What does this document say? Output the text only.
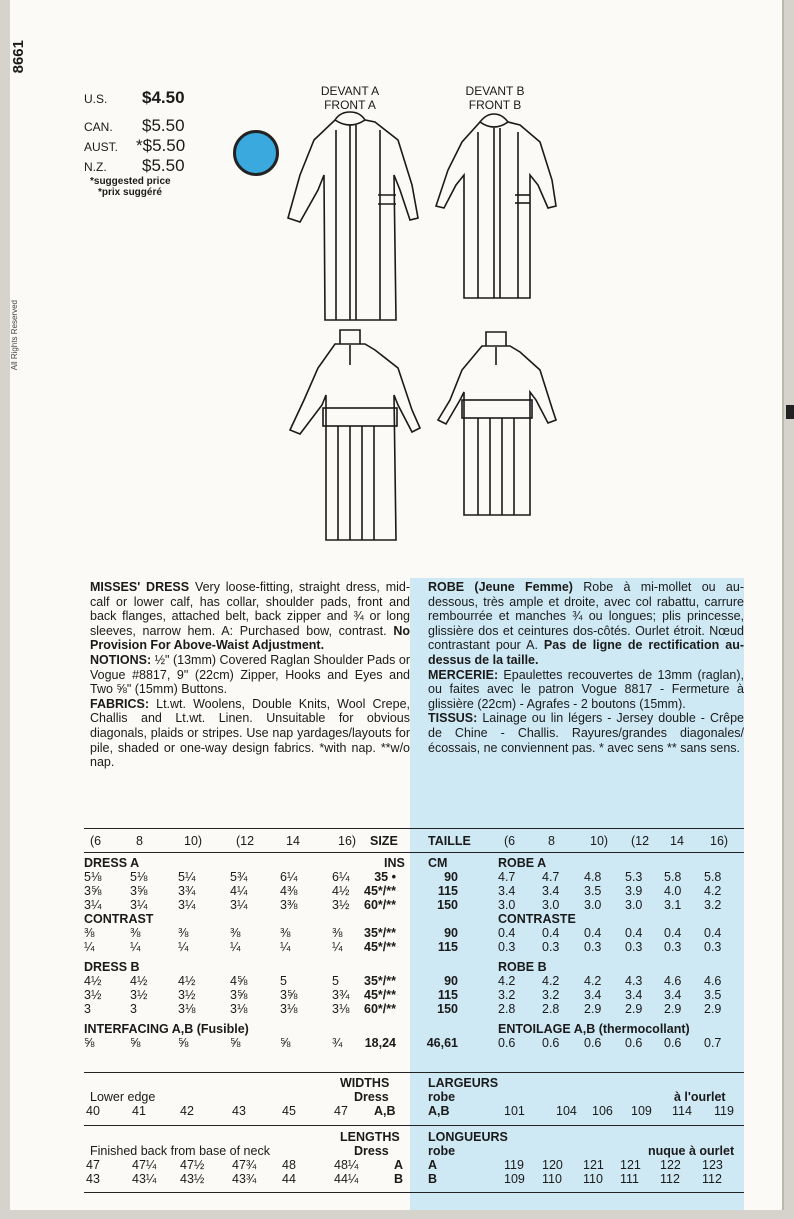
8661
All Rights Reserved
U.S.	$4.50
CAN.	$5.50
AUST.	*$5.50
N.Z.	$5.50
*suggested price
*prix suggéré
DEVANT A
FRONT A
DEVANT B
FRONT B
MISSES' DRESS Very loose-fitting, straight dress, mid-calf or lower calf, has collar, shoulder pads, front and back flanges, attached belt, back zipper and ¾ or long sleeves, narrow hem. A: Purchased bow, contrast. No Provision For Above-Waist Adjustment.
NOTIONS: ½" (13mm) Covered Raglan Shoulder Pads or Vogue #8817, 9" (22cm) Zipper, Hooks and Eyes and Two ⅝" (15mm) Buttons.
FABRICS: Lt.wt. Woolens, Double Knits, Wool Crepe, Challis and Lt.wt. Linen. Unsuitable for obvious diagonals, plaids or stripes. Use nap yardages/layouts for pile, shaded or one-way design fabrics. *with nap. **w/o nap.
ROBE (Jeune Femme) Robe à mi-mollet ou au-dessous, très ample et droite, avec col rabattu, carrure rembourrée et manches ¾ ou longues; plis princesse, glissière dos et ceintures dos-côtés. Ourlet étroit. Nœud contrastant pour A. Pas de ligne de rectification au-dessus de la taille.
MERCERIE: Epaulettes recouvertes de 13mm (raglan), ou faites avec le patron Vogue 8817 - Fermeture à glissière (22cm) - Agrafes - 2 boutons (15mm).
TISSUS: Lainage ou lin légers - Jersey double - Crêpe de Chine - Challis. Rayures/grandes diagonales/écossais, ne conviennent pas. * avec sens ** sans sens.
(6	8	10)	(12	14	16) SIZE TAILLE	(6	8	10) (12 14 16)
DRESS A	ROBE A
INS CM
5⅛ 5⅛ 5¼	5¾	6¼	6¼	35 •	90	4.7 4.7 4.8 5.3 5.8 5.8
3⅝ 3⅝ 3¾	4¼	4⅜	4½	45*/**	115	3.4 3.4 3.5 3.9 4.0 4.2
3¼ 3¼ 3¼	3¼	3⅜	3½	60*/**	150	3.0 3.0 3.0 3.0 3.1 3.2
CONTRAST	CONTRASTE
⅜	⅜	⅜	⅜	⅜	⅜	35*/**	90	0.4 0.4 0.4 0.4 0.4 0.4
¼	¼	¼	¼	¼	¼	45*/**	115	0.3 0.3 0.3 0.3 0.3 0.3
DRESS B	ROBE B
4½ 4½ 4½	4⅝	5	5	35*/**	90	4.2 4.2 4.2 4.3 4.6 4.6
3½ 3½ 3½	3⅝	3⅝	3¾	45*/**	115	3.2 3.2 3.4 3.4 3.4 3.5
3	3	3⅛	3⅛	3⅛	3⅛	60*/**	150	2.8 2.8 2.9 2.9 2.9 2.9
INTERFACING A,B (Fusible)	ENTOILAGE A,B (thermocollant)
⅝	⅝	⅝	⅝	⅝	¾	18,24	46,61	0.6 0.6 0.6 0.6 0.6 0.7
WIDTHS	LARGEURS
Lower edge	Dress	robe	à l'ourlet
40	41	42	43	45	47 A,B	A,B	101 104 106 109 114 119
LENGTHS LONGUEURS
Finished back from base of neck	Dress	robe	nuque à ourlet
47	47¼ 47½ 47¾ 48	48¼	A A	119 120 121 121 122 123
43	43¼ 43½ 43¾ 44	44¼	B B	109 110 110 111 112 112
